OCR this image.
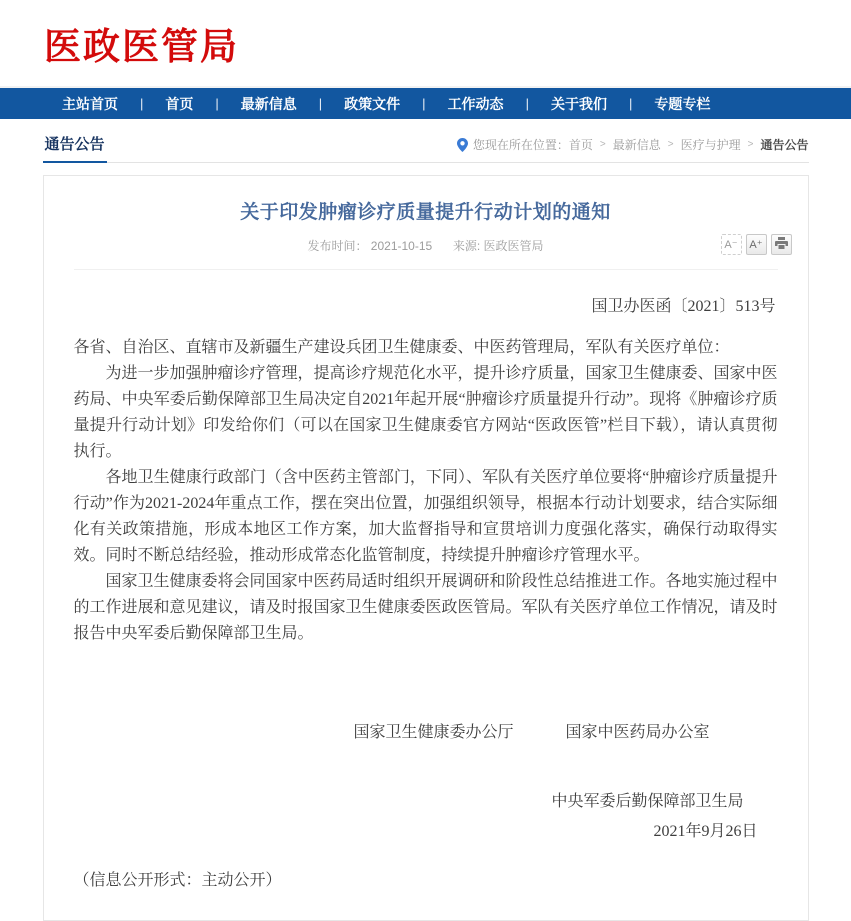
医政医管局
主站首页 | 首页 | 最新信息 | 政策文件 | 工作动态 | 关于我们 | 专题专栏
通告公告	您现在所在位置： 首页 > 最新信息 > 医疗与护理 > 通告公告
关于印发肿瘤诊疗质量提升行动计划的通知
发布时间： 2021-10-15 来源: 医政医管局	A⁻	A⁺
国卫办医函〔2021〕513号

各省、自治区、直辖市及新疆生产建设兵团卫生健康委、中医药管理局，军队有关医疗单位：

为进一步加强肿瘤诊疗管理，提高诊疗规范化水平，提升诊疗质量，国家卫生健康委、国家中医药局、中央军委后勤保障部卫生局决定自2021年起开展“肿瘤诊疗质量提升行动”。现将《肿瘤诊疗质量提升行动计划》印发给你们（可以在国家卫生健康委官方网站“医政医管”栏目下载），请认真贯彻执行。

各地卫生健康行政部门（含中医药主管部门，下同）、军队有关医疗单位要将“肿瘤诊疗质量提升行动”作为2021-2024年重点工作，摆在突出位置，加强组织领导，根据本行动计划要求，结合实际细化有关政策措施，形成本地区工作方案，加大监督指导和宣贯培训力度强化落实，确保行动取得实效。同时不断总结经验，推动形成常态化监管制度，持续提升肿瘤诊疗管理水平。

国家卫生健康委将会同国家中医药局适时组织开展调研和阶段性总结推进工作。各地实施过程中的工作进展和意见建议，请及时报国家卫生健康委医政医管局。军队有关医疗单位工作情况，请及时报告中央军委后勤保障部卫生局。

国家卫生健康委办公厅	国家中医药局办公室
中央军委后勤保障部卫生局
2021年9月26日
（信息公开形式：主动公开）
